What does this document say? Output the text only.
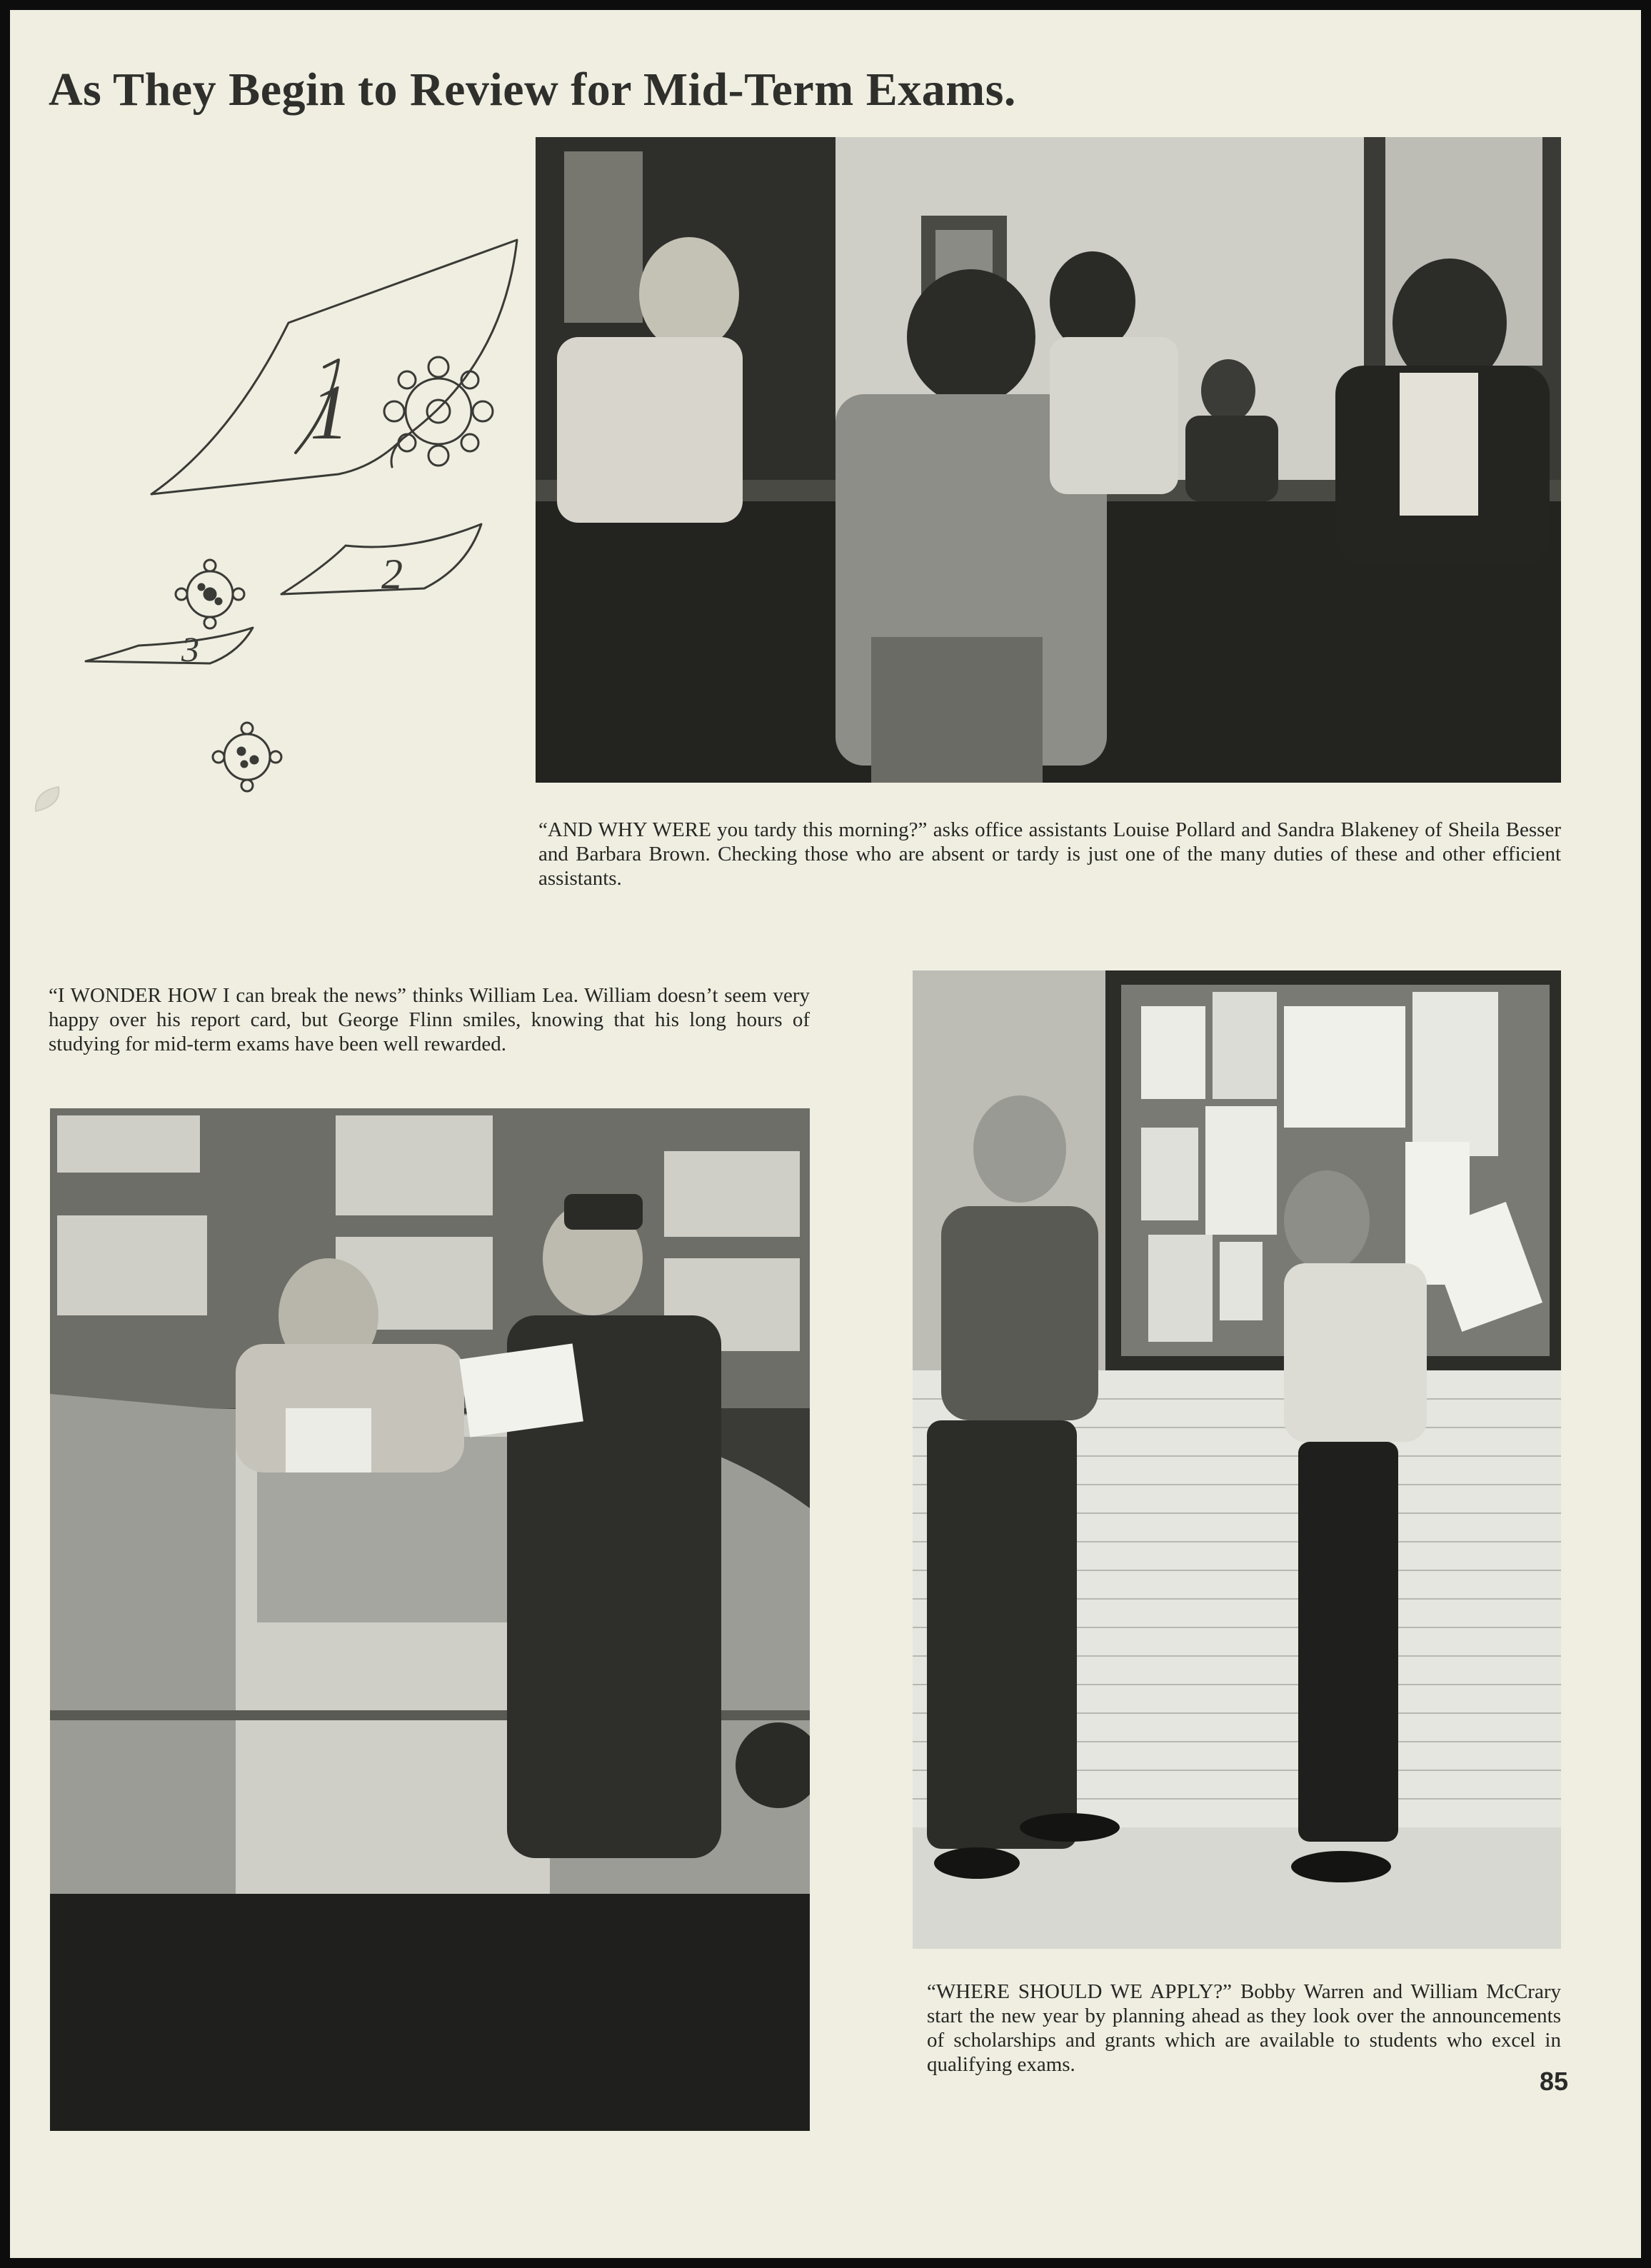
As They Begin to Review for Mid-Term Exams.
1
2
3

“AND WHY WERE you tardy this morning?” asks office assistants Louise Pollard and Sandra Blakeney of Sheila Besser and Barbara Brown. Checking those who are absent or tardy is just one of the many duties of these and other efficient assistants.

“I WONDER HOW I can break the news” thinks William Lea. William doesn’t seem very happy over his report card, but George Flinn smiles, knowing that his long hours of studying for mid-term exams have been well rewarded.

“WHERE SHOULD WE APPLY?” Bobby Warren and William McCrary start the new year by planning ahead as they look over the announcements of scholarships and grants which are available to students who excel in qualifying exams.

85
